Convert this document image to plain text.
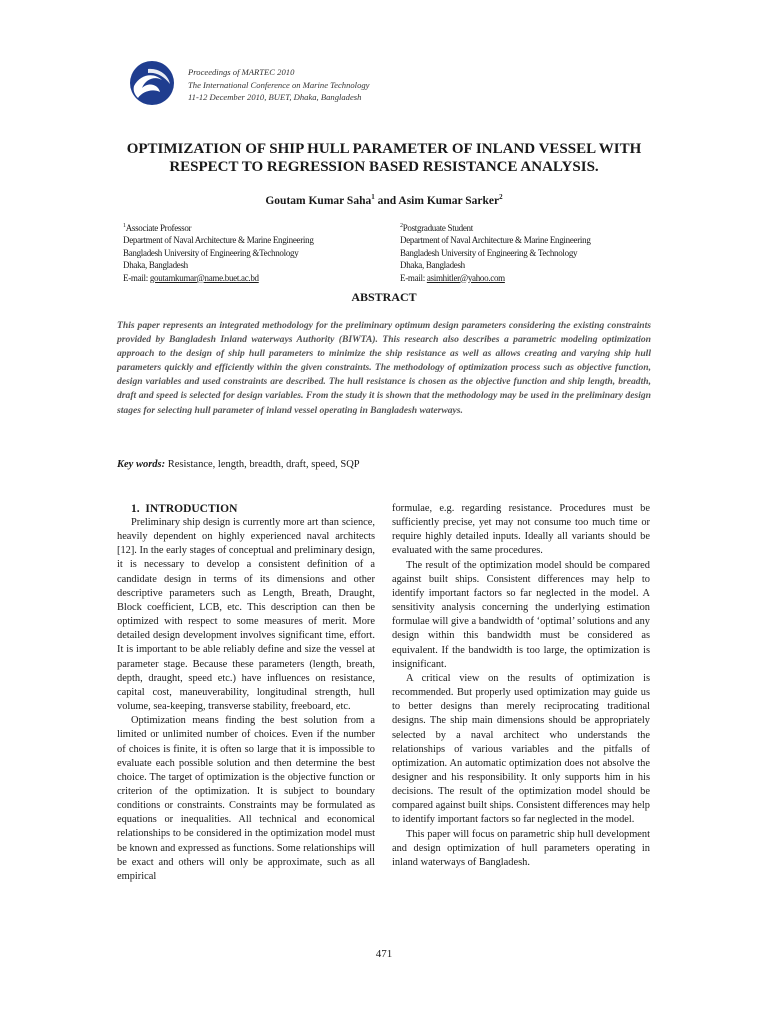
Proceedings of MARTEC 2010
The International Conference on Marine Technology
11-12 December 2010, BUET, Dhaka, Bangladesh
OPTIMIZATION OF SHIP HULL PARAMETER OF INLAND VESSEL WITH
RESPECT TO REGRESSION BASED RESISTANCE ANALYSIS.
Goutam Kumar Saha$^1$ and Asim Kumar Sarker$^2$
$^1$Associate Professor
Department of Naval Architecture & Marine Engineering
Bangladesh University of Engineering &Technology
Dhaka, Bangladesh
E-mail: goutamkumar@name.buet.ac.bd
$^2$Postgraduate Student
Department of Naval Architecture & Marine Engineering
Bangladesh University of Engineering & Technology
Dhaka, Bangladesh
E-mail: asimhitler@yahoo.com
ABSTRACT
This paper represents an integrated methodology for the preliminary optimum design parameters considering the existing constraints provided by Bangladesh Inland waterways Authority (BIWTA). This research also describes a parametric modeling optimization approach to the design of ship hull parameters to minimize the ship resistance as well as allows creating and varying ship hull parameters quickly and efficiently within the given constraints. The methodology of optimization process such as objective function, design variables and used constraints are described. The hull resistance is chosen as the objective function and ship length, breadth, draft and speed is selected for design variables. From the study it is shown that the methodology may be used in the preliminary design stages for selecting hull parameter of inland vessel operating in Bangladesh waterways.
Key words: Resistance, length, breadth, draft, speed, SQP

1.  INTRODUCTION

Preliminary ship design is currently more art than science, heavily dependent on highly experienced naval architects [12]. In the early stages of conceptual and preliminary design, it is necessary to develop a consistent definition of a candidate design in terms of its dimensions and other descriptive parameters such as Length, Breath, Draught, Block coefficient, LCB, etc. This description can then be optimized with respect to some measures of merit. More detailed design development involves significant time, effort. It is important to be able reliably define and size the vessel at parameter stage. Because these parameters (length, breath, depth, draught, speed etc.) have influences on resistance, capital cost, maneuverability, longitudinal strength, hull volume, sea-keeping, transverse stability, freeboard, etc.

Optimization means finding the best solution from a limited or unlimited number of choices. Even if the number of choices is finite, it is often so large that it is impossible to evaluate each possible solution and then determine the best choice. The target of optimization is the objective function or criterion of the optimization. It is subject to boundary conditions or constraints. Constraints may be formulated as equations or inequalities. All technical and economical relationships to be considered in the optimization model must be known and expressed as functions. Some relationships will be exact and others will only be approximate, such as all empirical

formulae, e.g. regarding resistance. Procedures must be sufficiently precise, yet may not consume too much time or require highly detailed inputs. Ideally all variants should be evaluated with the same procedures.

The result of the optimization model should be compared against built ships. Consistent differences may help to identify important factors so far neglected in the model. A sensitivity analysis concerning the underlying estimation formulae will give a bandwidth of ‘optimal’ solutions and any design within this bandwidth must be considered as equivalent. If the bandwidth is too large, the optimization is insignificant.

A critical view on the results of optimization is recommended. But properly used optimization may guide us to better designs than merely reciprocating traditional designs. The ship main dimensions should be appropriately selected by a naval architect who understands the relationships of various variables and the pitfalls of optimization. An automatic optimization does not absolve the designer and his responsibility. It only supports him in his decisions. The result of the optimization model should be compared against built ships. Consistent differences may help to identify important factors so far neglected in the model.

This paper will focus on parametric ship hull development and design optimization of hull parameters operating in inland waterways of Bangladesh.

471
